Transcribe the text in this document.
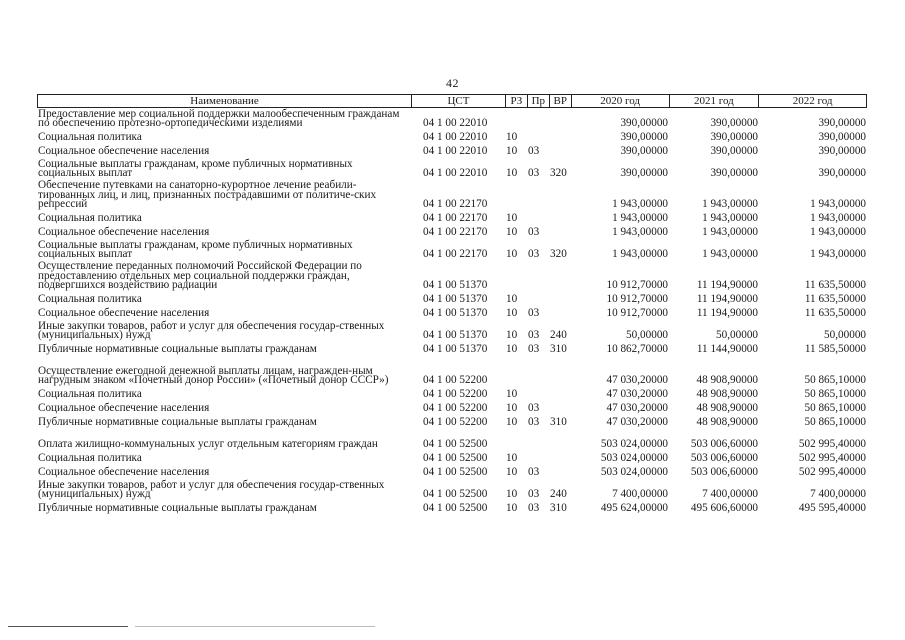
42
Наименование	ЦСТ	РЗ Пр ВР	2020 год	2021 год	2022 год
Предоставление мер социальной поддержки малообеспеченным гражданам по обеспечению протезно-ортопедическими изделиями	04 1 00 22010	390,00000	390,00000	390,00000
Социальная политика	04 1 00 22010	10	390,00000	390,00000	390,00000
Социальное обеспечение населения	04 1 00 22010	10 03	390,00000	390,00000	390,00000
Социальные выплаты гражданам, кроме публичных нормативных социальных выплат	04 1 00 22010	10 03 320	390,00000	390,00000	390,00000
Обеспечение путевками на санаторно-курортное лечение реабили-тированных лиц, и лиц, признанных пострадавшими от политиче-ских репрессий	04 1 00 22170	1 943,00000	1 943,00000	1 943,00000
Социальная политика	04 1 00 22170	10	1 943,00000	1 943,00000	1 943,00000
Социальное обеспечение населения	04 1 00 22170	10 03	1 943,00000	1 943,00000	1 943,00000
Социальные выплаты гражданам, кроме публичных нормативных социальных выплат	04 1 00 22170	10 03 320	1 943,00000	1 943,00000	1 943,00000
Осуществление переданных полномочий Российской Федерации по предоставлению отдельных мер социальной поддержки граждан, подвергшихся воздействию радиации	04 1 00 51370	10 912,70000	11 194,90000	11 635,50000
Социальная политика	04 1 00 51370	10	10 912,70000	11 194,90000	11 635,50000
Социальное обеспечение населения	04 1 00 51370	10 03	10 912,70000	11 194,90000	11 635,50000
Иные закупки товаров, работ и услуг для обеспечения государ-ственных (муниципальных) нужд	04 1 00 51370	10 03 240	50,00000	50,00000	50,00000
Публичные нормативные социальные выплаты гражданам	04 1 00 51370	10 03 310	10 862,70000	11 144,90000	11 585,50000
Осуществление ежегодной денежной выплаты лицам, награжден-ным нагрудным знаком «Почетный донор России» («Почетный донор СССР»)	04 1 00 52200	47 030,20000	48 908,90000	50 865,10000
Социальная политика	04 1 00 52200	10	47 030,20000	48 908,90000	50 865,10000
Социальное обеспечение населения	04 1 00 52200	10 03	47 030,20000	48 908,90000	50 865,10000
Публичные нормативные социальные выплаты гражданам	04 1 00 52200	10 03 310	47 030,20000	48 908,90000	50 865,10000
Оплата жилищно-коммунальных услуг отдельным категориям граждан	04 1 00 52500	503 024,00000	503 006,60000	502 995,40000
Социальная политика	04 1 00 52500	10	503 024,00000	503 006,60000	502 995,40000
Социальное обеспечение населения	04 1 00 52500	10 03	503 024,00000	503 006,60000	502 995,40000
Иные закупки товаров, работ и услуг для обеспечения государ-ственных (муниципальных) нужд	04 1 00 52500	10 03 240	7 400,00000	7 400,00000	7 400,00000
Публичные нормативные социальные выплаты гражданам	04 1 00 52500	10 03 310	495 624,00000	495 606,60000	495 595,40000
